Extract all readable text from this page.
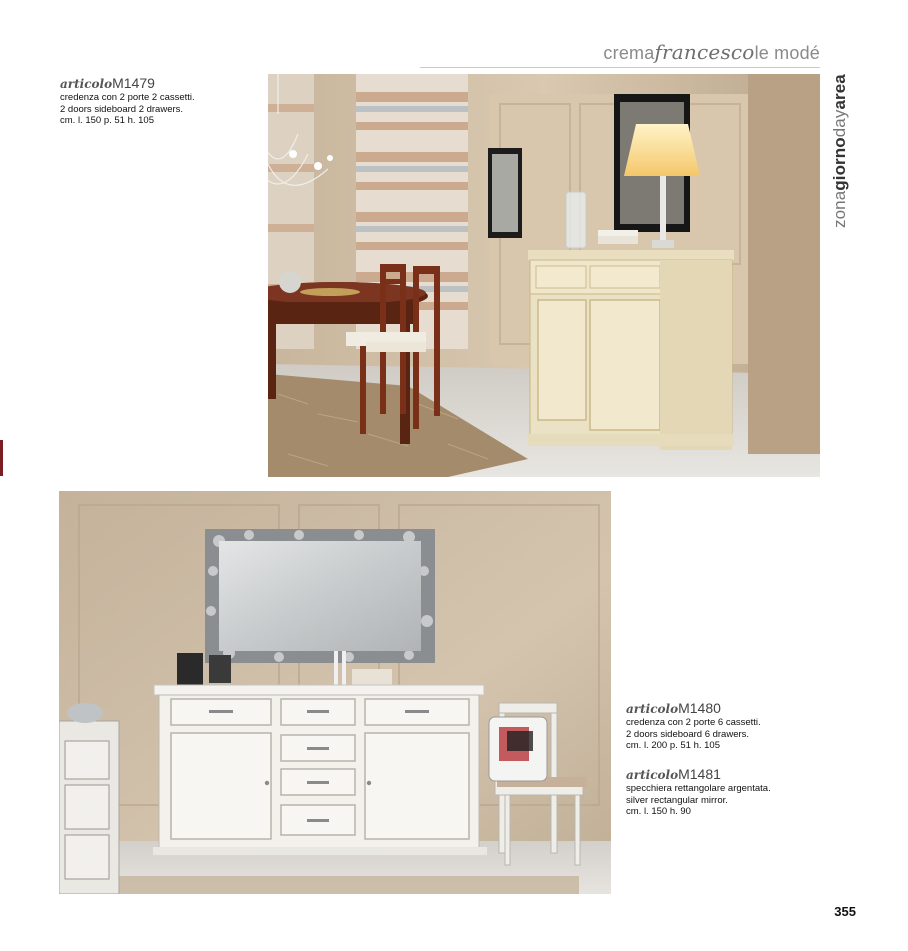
cremafrancescole modé
zonagiornodayarea
articoloM1479
credenza con 2 porte 2 cassetti.
2 doors sideboard 2 drawers.
cm. l. 150 p. 51 h. 105
articoloM1480
credenza con 2 porte 6 cassetti.
2 doors sideboard 6 drawers.
cm. l. 200 p. 51 h. 105
articoloM1481
specchiera rettangolare argentata.
silver rectangular mirror.
cm. l. 150 h. 90
355
